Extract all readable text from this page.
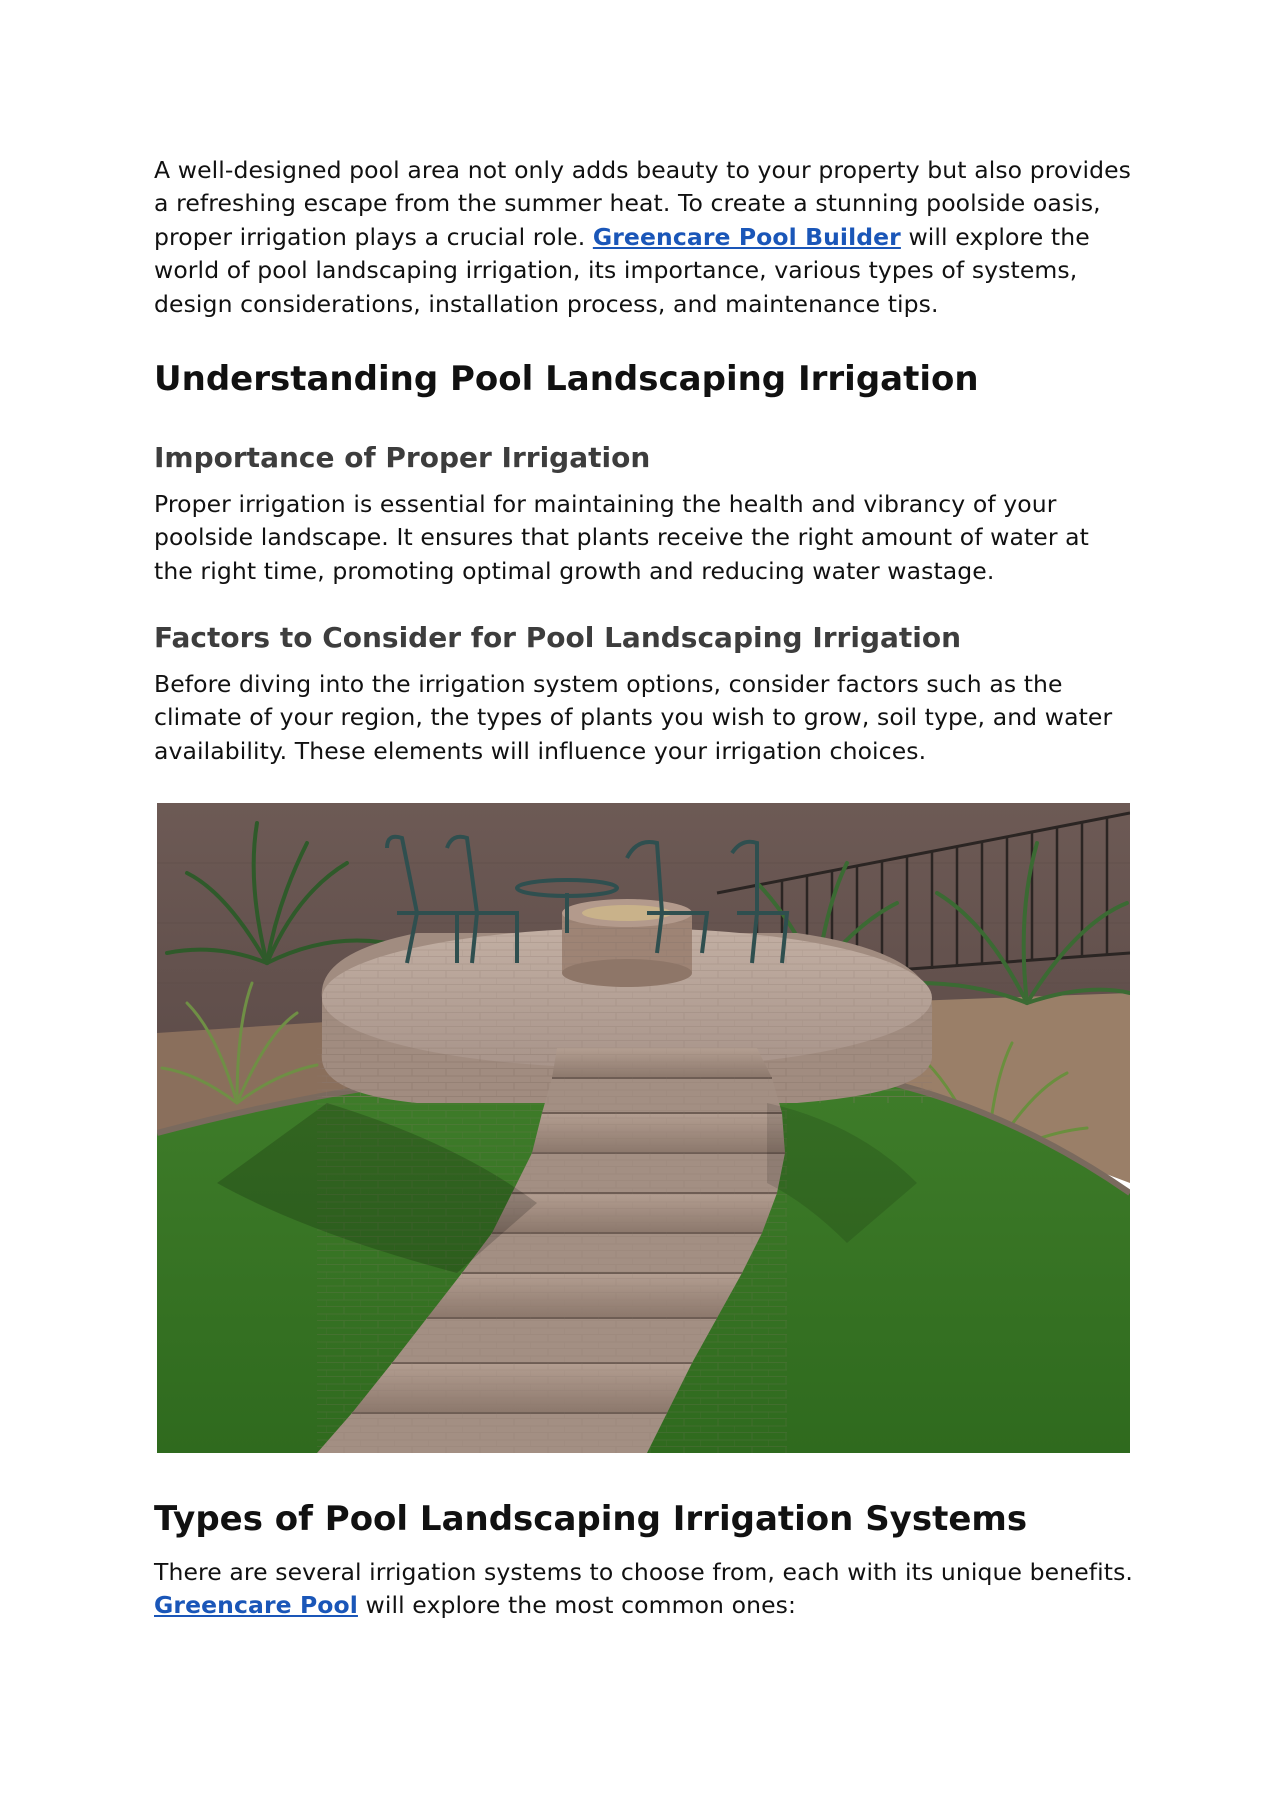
A well-designed pool area not only adds beauty to your property but also provides a refreshing escape from the summer heat. To create a stunning poolside oasis, proper irrigation plays a crucial role. Greencare Pool Builder will explore the world of pool landscaping irrigation, its importance, various types of systems, design considerations, installation process, and maintenance tips.

Understanding Pool Landscaping Irrigation
Importance of Proper Irrigation

Proper irrigation is essential for maintaining the health and vibrancy of your poolside landscape. It ensures that plants receive the right amount of water at the right time, promoting optimal growth and reducing water wastage.

Factors to Consider for Pool Landscaping Irrigation

Before diving into the irrigation system options, consider factors such as the climate of your region, the types of plants you wish to grow, soil type, and water availability. These elements will influence your irrigation choices.

Types of Pool Landscaping Irrigation Systems

There are several irrigation systems to choose from, each with its unique benefits. Greencare Pool will explore the most common ones:
